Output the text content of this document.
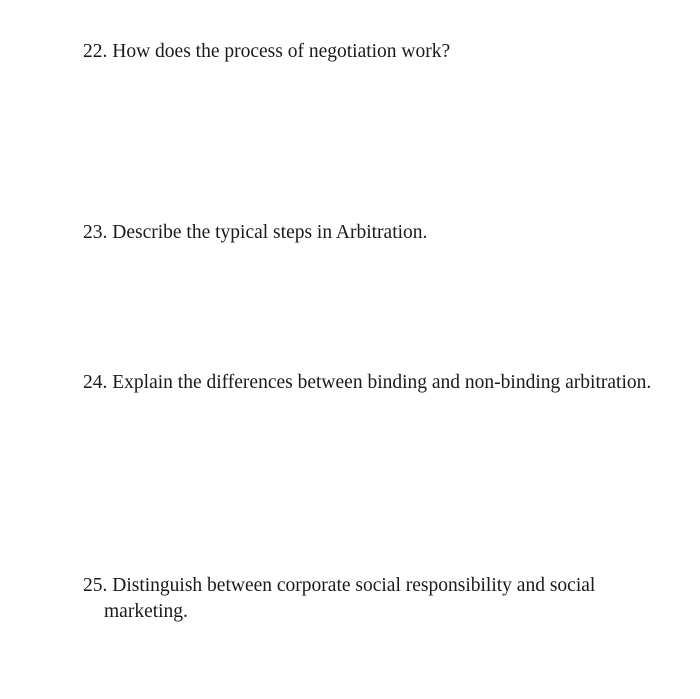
22. How does the process of negotiation work?
23. Describe the typical steps in Arbitration.
24. Explain the differences between binding and non-binding arbitration.
25. Distinguish between corporate social responsibility and social marketing.
